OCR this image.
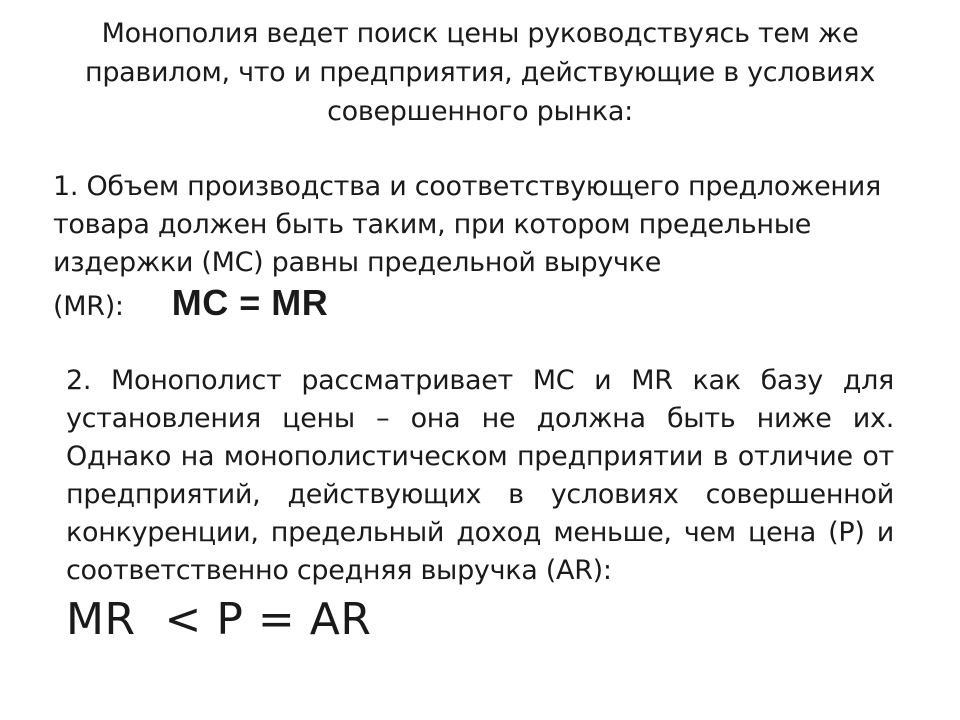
Монополия ведет поиск цены руководствуясь тем же правилом, что и предприятия, действующие в условиях совершенного рынка:
1. Объем производства и соответствующего предложения товара должен быть таким, при котором предельные издержки (МС) равны предельной выручке
(MR): MC = MR
2. Монополист рассматривает МС и MR как базу для установления цены – она не должна быть ниже их. Однако на монополистическом предприятии в отличие от предприятий, действующих в условиях совершенной конкуренции, предельный доход меньше, чем цена (Р) и соответственно средняя выручка (AR):
MR  < P = AR
